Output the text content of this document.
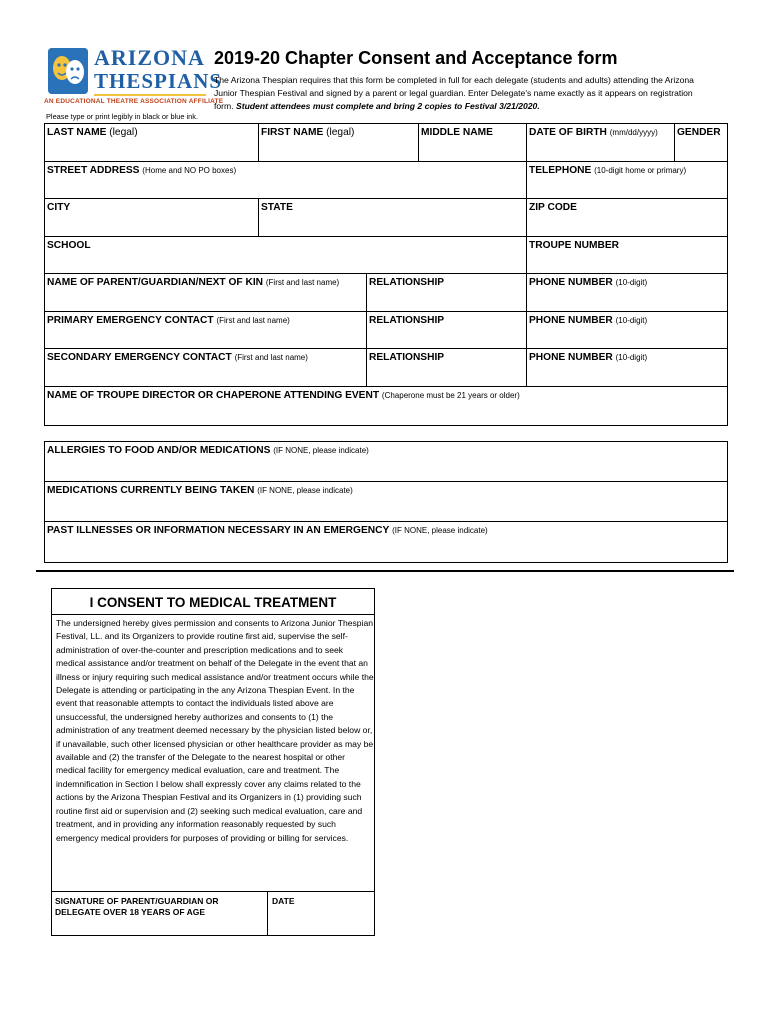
ARIZONA
THESPIANS
AN EDUCATIONAL THEATRE ASSOCIATION AFFILIATE
2019-20 Chapter Consent and Acceptance form
The Arizona Thespian requires that this form be completed in full for each delegate (students and adults) attending the Arizona Junior Thespian Festival and signed by a parent or legal guardian. Enter Delegate's name exactly as it appears on registration form. Student attendees must complete and bring 2 copies to Festival 3/21/2020.
Please type or print legibly in black or blue ink.
LAST NAME (legal)	FIRST NAME (legal)	MIDDLE NAME	DATE OF BIRTH (mm/dd/yyyy)	GENDER
STREET ADDRESS (Home and NO PO boxes)	TELEPHONE (10-digit home or primary)
CITY	STATE	ZIP CODE
SCHOOL	TROUPE NUMBER
NAME OF PARENT/GUARDIAN/NEXT OF KIN (First and last name)	RELATIONSHIP	PHONE NUMBER (10-digit)
PRIMARY EMERGENCY CONTACT (First and last name)	RELATIONSHIP	PHONE NUMBER (10-digit)
SECONDARY EMERGENCY CONTACT (First and last name)	RELATIONSHIP	PHONE NUMBER (10-digit)
NAME OF TROUPE DIRECTOR OR CHAPERONE ATTENDING EVENT (Chaperone must be 21 years or older)
ALLERGIES TO FOOD AND/OR MEDICATIONS (IF NONE, please indicate)
MEDICATIONS CURRENTLY BEING TAKEN (IF NONE, please indicate)
PAST ILLNESSES OR INFORMATION NECESSARY IN AN EMERGENCY (IF NONE, please indicate)
I CONSENT TO MEDICAL TREATMENT
The undersigned hereby gives permission and consents to Arizona Junior Thespian Festival, LL. and its Organizers to provide routine first aid, supervise the self-administration of over-the-counter and prescription medications and to seek medical assistance and/or treatment on behalf of the Delegate in the event that an illness or injury requiring such medical assistance and/or treatment occurs while the Delegate is attending or participating in the any Arizona Thespian Event. In the event that reasonable attempts to contact the individuals listed above are unsuccessful, the undersigned hereby authorizes and consents to (1) the administration of any treatment deemed necessary by the physician listed below or, if unavailable, such other licensed physician or other healthcare provider as may be available and (2) the transfer of the Delegate to the nearest hospital or other medical facility for emergency medical evaluation, care and treatment. The indemnification in Section I below shall expressly cover any claims related to the actions by the Arizona Thespian Festival and its Organizers in (1) providing such routine first aid or supervision and (2) seeking such medical evaluation, care and treatment, and in providing any information reasonably requested by such emergency medical providers for purposes of providing or billing for services.
SIGNATURE OF PARENT/GUARDIAN OR DELEGATE OVER 18 YEARS OF AGE
DATE
